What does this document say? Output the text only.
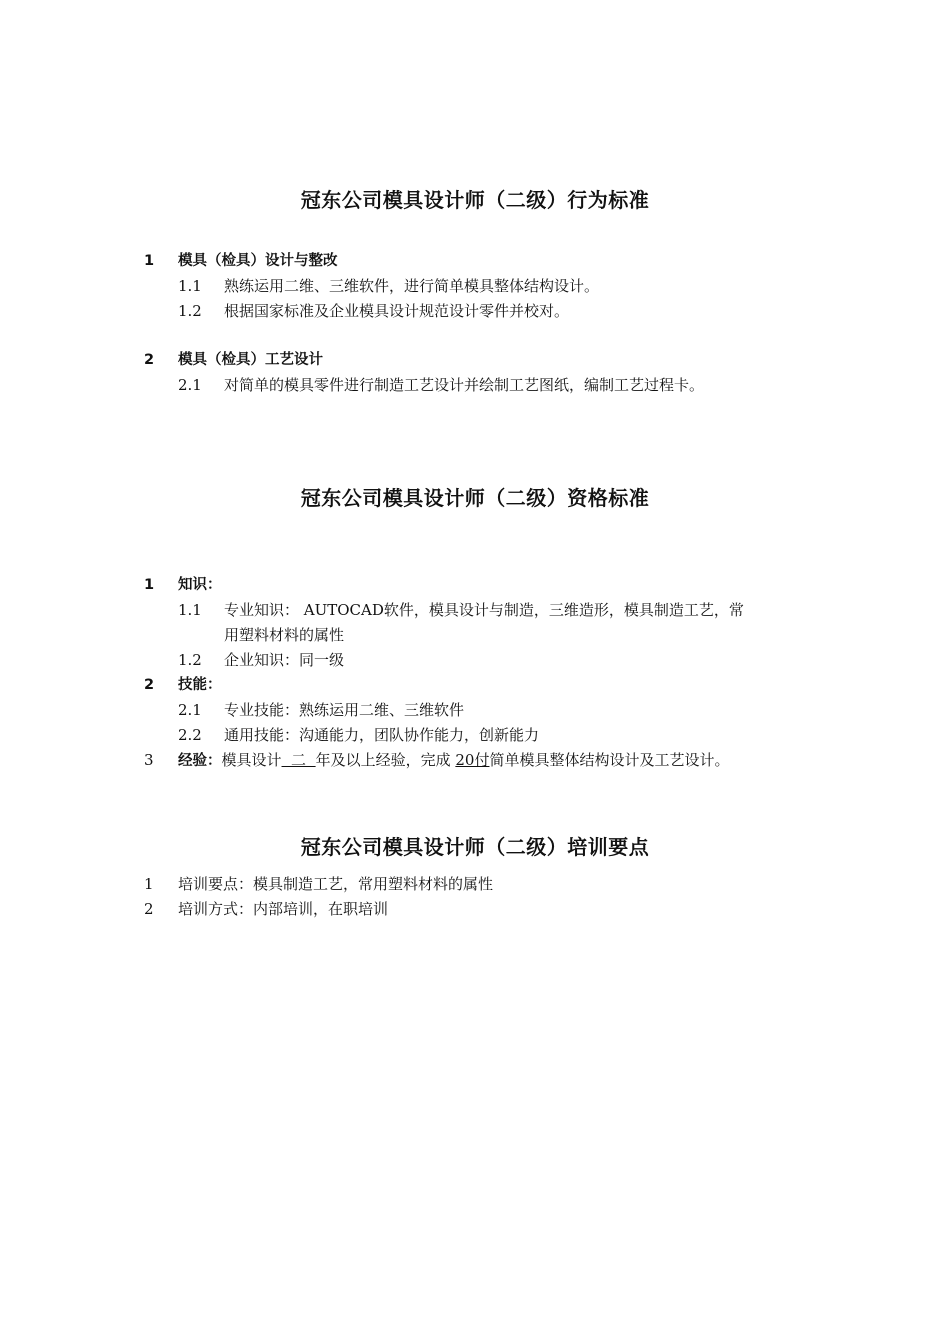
冠东公司模具设计师（二级）行为标准
1	模具（检具）设计与整改
1.1	熟练运用二维、三维软件，进行简单模具整体结构设计。
1.2	根据国家标准及企业模具设计规范设计零件并校对。
2	模具（检具）工艺设计
2.1	对简单的模具零件进行制造工艺设计并绘制工艺图纸，编制工艺过程卡。
冠东公司模具设计师（二级）资格标准
1	知识：
1.1	专业知识： AUTOCAD软件，模具设计与制造，三维造形，模具制造工艺，常
用塑料材料的属性
1.2	企业知识：同一级
2	技能：
2.1	专业技能：熟练运用二维、三维软件
2.2	通用技能：沟通能力，团队协作能力，创新能力
3	经验：模具设计  二  年及以上经验，完成 20付简单模具整体结构设计及工艺设计。
冠东公司模具设计师（二级）培训要点
1	培训要点：模具制造工艺，常用塑料材料的属性
2	培训方式：内部培训，在职培训
